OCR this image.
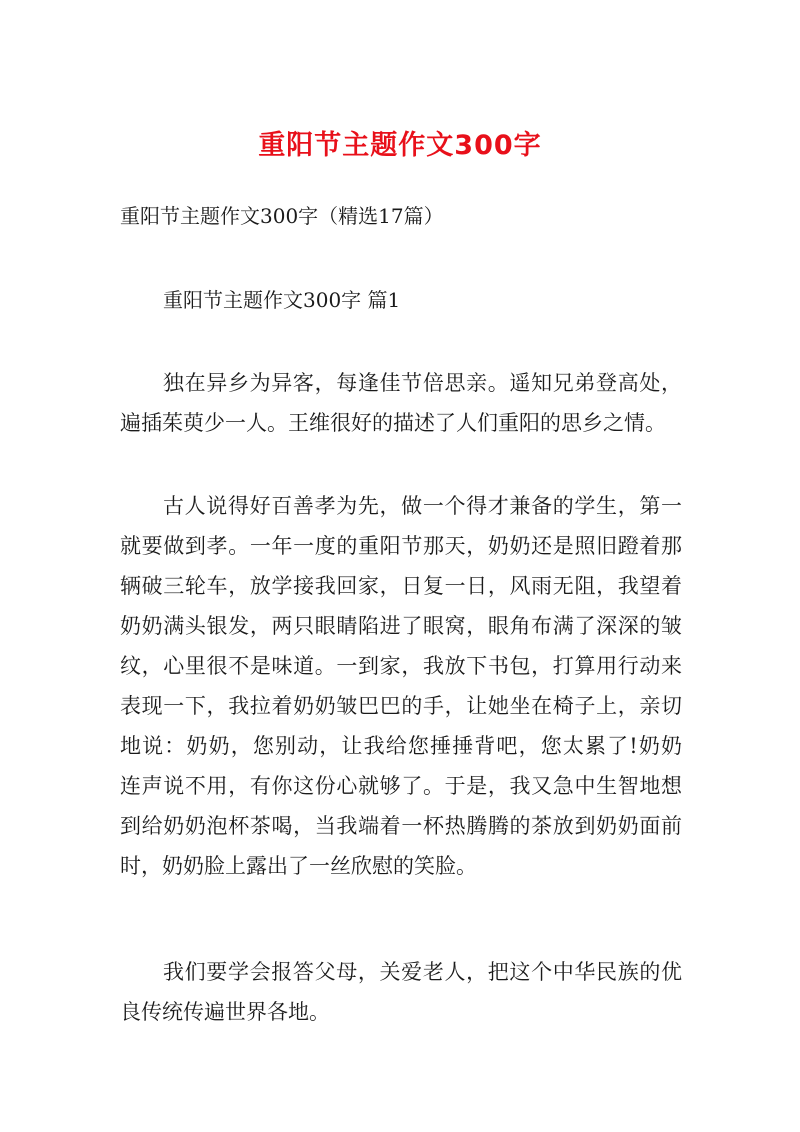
重阳节主题作文300字
重阳节主题作文300字（精选17篇）
重阳节主题作文300字 篇1
独在异乡为异客，每逢佳节倍思亲。遥知兄弟登高处，
遍插茱萸少一人。王维很好的描述了人们重阳的思乡之情。
古人说得好百善孝为先，做一个得才兼备的学生，第一
就要做到孝。一年一度的重阳节那天，奶奶还是照旧蹬着那
辆破三轮车，放学接我回家，日复一日，风雨无阻，我望着
奶奶满头银发，两只眼睛陷进了眼窝，眼角布满了深深的皱
纹，心里很不是味道。一到家，我放下书包，打算用行动来
表现一下，我拉着奶奶皱巴巴的手，让她坐在椅子上，亲切
地说：奶奶，您别动，让我给您捶捶背吧，您太累了!奶奶
连声说不用，有你这份心就够了。于是，我又急中生智地想
到给奶奶泡杯茶喝，当我端着一杯热腾腾的茶放到奶奶面前
时，奶奶脸上露出了一丝欣慰的笑脸。
我们要学会报答父母，关爱老人，把这个中华民族的优
良传统传遍世界各地。
